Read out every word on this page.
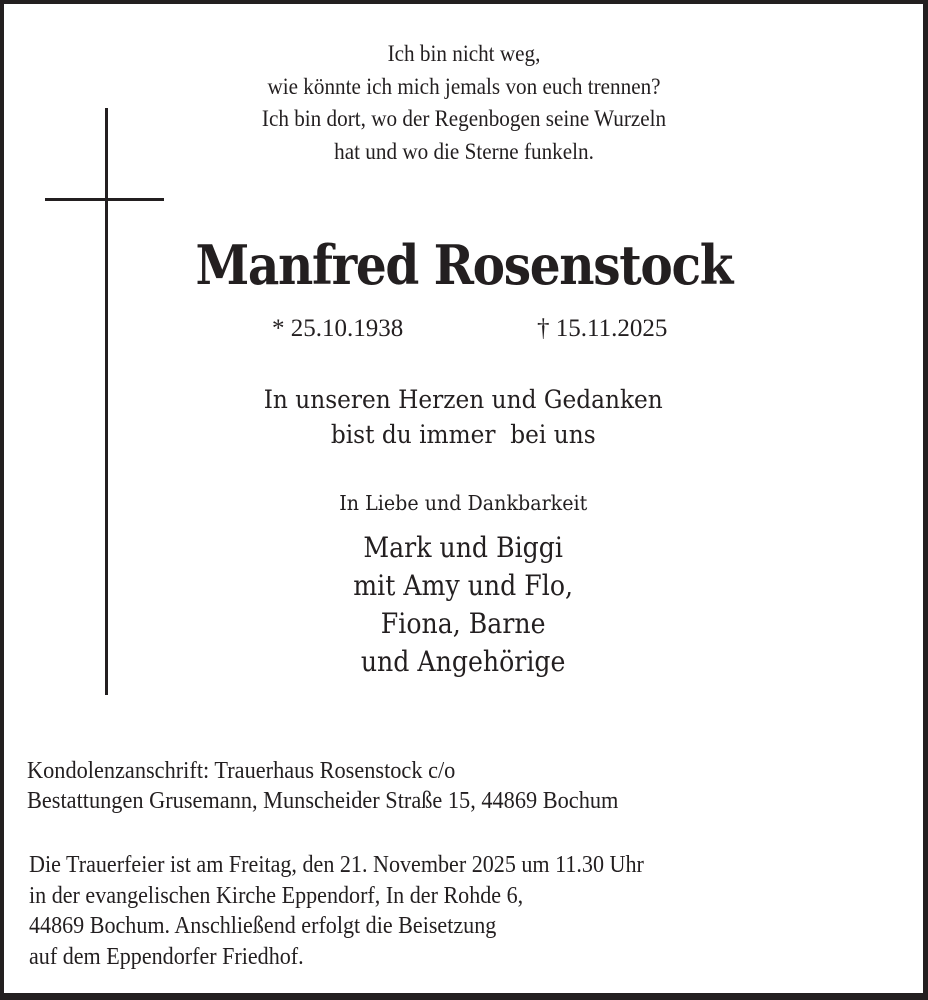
Ich bin nicht weg,
wie könnte ich mich jemals von euch trennen?
Ich bin dort, wo der Regenbogen seine Wurzeln
hat und wo die Sterne funkeln.
Manfred Rosenstock
* 25.10.1938	† 15.11.2025
In unseren Herzen und Gedanken
bist du immer  bei uns
In Liebe und Dankbarkeit
Mark und Biggi
mit Amy und Flo,
Fiona, Barne
und Angehörige
Kondolenzanschrift: Trauerhaus Rosenstock c/o
Bestattungen Grusemann, Munscheider Straße 15, 44869 Bochum
Die Trauerfeier ist am Freitag, den 21. November 2025 um 11.30 Uhr
in der evangelischen Kirche Eppendorf, In der Rohde 6,
44869 Bochum. Anschließend erfolgt die Beisetzung
auf dem Eppendorfer Friedhof.
